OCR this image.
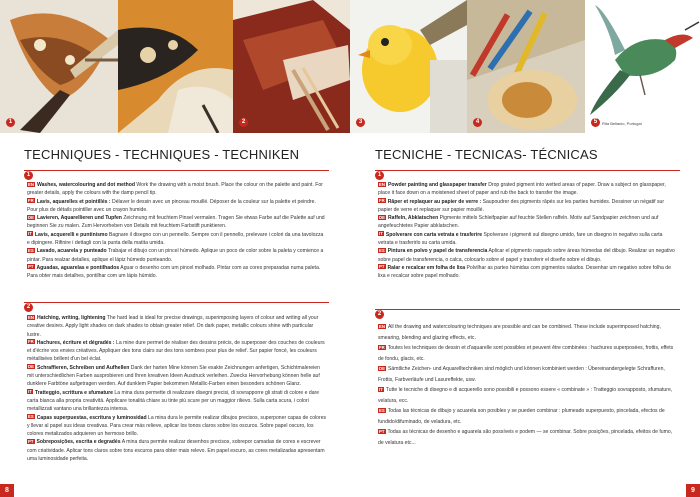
1	2	3	4	5	Rita Bellanio, Portugal
TECHNIQUES - TECHNIQUES - TECHNIKEN
1

EN Washes, watercolouring and dot method Work the drawing with a moist brush. Place the colour on the palette and paint. For greater details, apply the colours with the damp pencil tip.

FR Lavis, aquarelles et pointillés : Délaver le dessin avec un pinceau mouillé. Déposer de la couleur sur la palette et peindre. Pour plus de détails pointiller avec un crayon humide.

DE Lavieren, Aquarellieren und Tupfen Zeichnung mit feuchtem Pinsel vermalen. Tragen Sie etwas Farbe auf die Palette auf und beginnen Sie zu malen. Zum Hervorheben von Details mit feuchtem Farbstift punktieren.

IT Lavis, acquerelli e puntinismo Bagnare il disegno con un pennello. Sempre con il pennello, prelevare i colori da una tavolozza e dipingere. Rifinire i dettagli con la punta della matita umida.

ES Lavado, acuarela y punteado Trabajar el dibujo con un pincel húmedo. Aplique un poco de color sobre la paleta y comience a pintar. Para realzar detalles, aplique el lápiz húmedo punteando.

PT Aguadas, aguarelas e pontilhados Aguar o desenho com um pincel molhado. Pintar com as cores preparadas numa paleta. Para obter mais detalhes, pontilhar com um lápis húmido.

2

EN Hatching, writing, lightening The hard lead is ideal for precise drawings, superimposing layers of colour and writing all your creative desires. Apply light shades on dark shades to obtain greater relief. On dark paper, metallic colours shine with particular lustre.

FR Hachures, écriture et dégradés : La mine dure permet de réaliser des dessins précis, de superposer des couches de couleurs et d'écrire vos envies créatives. Appliquer des tons clairs sur des tons sombres pour plus de relief. Sur papier foncé, les couleurs métallisées brillent d'un bel éclat.

DE Schraffieren, Schreiben und Aufhellen Dank der harten Mine können Sie exakte Zeichnungen anfertigen, Schichtmalereien mit unterschiedlichen Farben ausprobieren und Ihren kreativen Ideen Ausdruck verleihen. Zwecks Hervorhebung können helle auf dunklere Farbtöne aufgetragen werden. Auf dunklem Papier bekommen Metallic-Farben einen besonders schönen Glanz.

IT Tratteggio, scrittura e sfumature La mina dura permette di realizzare disegni precisi, di sovrapporre gli strati di colore e dare carta bianca alla propria creatività. Applicare tonalità chiare su tinte più scure per un maggior rilievo. Sulla carta scura, i colori metallizzati vantano una brillantezza intensa.

ES Capas superpuestas, escritura y luminosidad La mina dura le permite realizar dibujos precisos, superponer capas de colores y llevar al papel sus ideas creativas. Para crear más relieve, aplicar los tonos claros sobre los oscuros. Sobre papel oscuro, los colores metalizados adquieren un hermoso brillo.

PT Sobreposições, escrita e degradés A mina dura permite realizar desenhos precisos, sobrepor camadas de cores e escrever com criatividade. Aplicar tons claros sobre tons escuros para obter mais relevo. Em papel escuro, as cores metalizadas apresentam uma luminosidade perfeita.

8
TECNICHE - TECNICAS- TÉCNICAS
1

EN Powder painting and glasspaper transfer Drop grated pigment into wetted areas of paper. Draw a subject on glasspaper, place it face down on a moistened sheet of paper and rub the back to transfer the image.

FR Râper et replaquer au papier de verre : Saupoudrer des pigments râpés sur les parties humides. Dessiner un négatif sur papier de verre et replaquer sur papier mouillé.

DE Raffeln, Abklatschen Pigmente mittels Schleifpapier auf feuchte Stellen raffeln. Motiv auf Sandpapier zeichnen und auf angefeuchtetes Papier abklatschen.

IT Spolverare con carta vetrata e trasferire Spolverare i pigmenti sul disegno umido, fare un disegno in negativo sulla carta vetrata e trasferirlo su carta umida.

ES Pintura en polvo y papel de transferencia Aplicar el pigmento raspado sobre áreas húmedas del dibujo. Realizar un negativo sobre papel de transferencia, o calca, colocarlo sobre el papel y transferir el diseño sobre el dibujo.

PT Ralar e recalcar em folha de lixa Polvilhar as partes húmidas com pigmentos ralados. Desenhar um negativo sobre folha de lixa e recalcar sobre papel molhado.

2

EN All the drawing and watercolouring techniques are possible and can be combined. These include superimposed hatching, smearing, blending and glazing effects, etc.

FR Toutes les techniques de dessin et d'aquarelle sont possibles et peuvent être combinées : hachures superposées, frottis, effets de fondu, glacis, etc.

DE Sämtliche Zeichen- und Aquarelltechniken sind möglich und können kombiniert werden : Übereinandergelegte Schraffuren, Frottis, Farbverläufe und Lasureffekte, usw.

IT Tutte le tecniche di disegno e di acquerello sono possibili e possono essere « combinate » : Tratteggio sovrapposto, sfumature, velatura, ecc.

ES Todas las técnicas de dibujo y acuarela son posibles y se pueden combinar : plumeado superpuesto, pincelada, efectos de fundido/difuminado, de veladura, etc.

PT Todas as técnicas de desenho e aguarela são possíveis e podem — se combinar. Sobre posições, pincelada, efeitos de fumo, de velatura etc...

9
